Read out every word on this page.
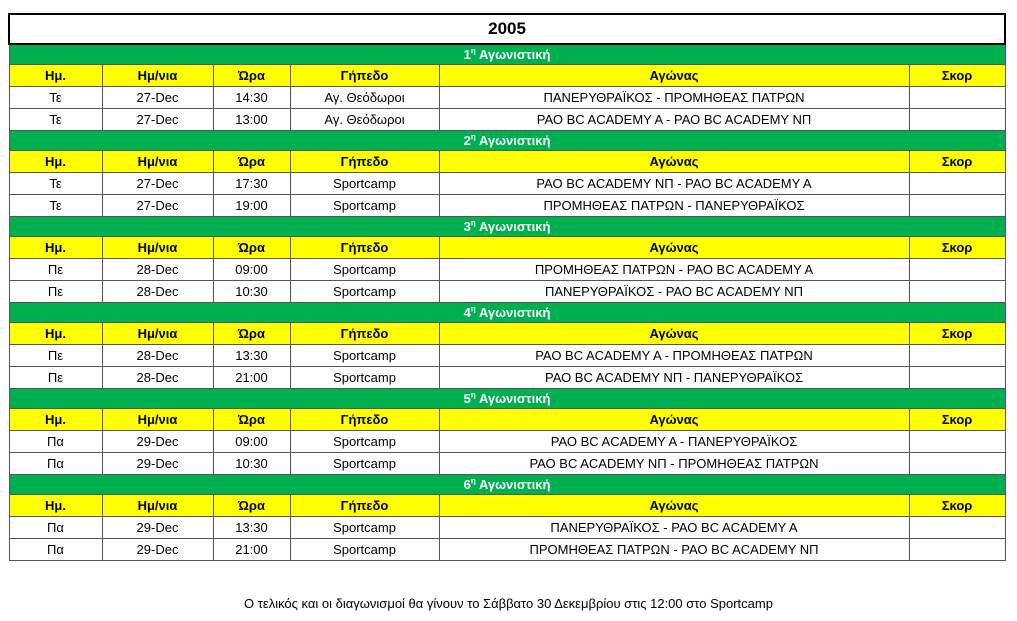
2005					
$1^\eta$ Αγωνιστική					
Ημ.	Ημ/νια	Ώρα	Γήπεδο	Αγώνας	Σκορ
Τε	27-Dec	14:30	Αγ. Θεόδωροι	ΠΑΝΕΡΥΘΡΑΪΚΟΣ - ΠΡΟΜΗΘΕΑΣ ΠΑΤΡΩΝ	
Τε	27-Dec	13:00	Αγ. Θεόδωροι	ΡΑΟ BC ACADEMY A - ΡΑΟ BC ACADEMY ΝΠ	
$2^\eta$ Αγωνιστική					
Ημ.	Ημ/νια	Ώρα	Γήπεδο	Αγώνας	Σκορ
Τε	27-Dec	17:30	Sportcamp	ΡΑΟ BC ACADEMY ΝΠ - ΡΑΟ BC ACADEMY A	
Τε	27-Dec	19:00	Sportcamp	ΠΡΟΜΗΘΕΑΣ ΠΑΤΡΩΝ - ΠΑΝΕΡΥΘΡΑΪΚΟΣ	
$3^\eta$ Αγωνιστική					
Ημ.	Ημ/νια	Ώρα	Γήπεδο	Αγώνας	Σκορ
Πε	28-Dec	09:00	Sportcamp	ΠΡΟΜΗΘΕΑΣ ΠΑΤΡΩΝ - ΡΑΟ BC ACADEMY A	
Πε	28-Dec	10:30	Sportcamp	ΠΑΝΕΡΥΘΡΑΪΚΟΣ - ΡΑΟ BC ACADEMY ΝΠ	
$4^\eta$ Αγωνιστική					
Ημ.	Ημ/νια	Ώρα	Γήπεδο	Αγώνας	Σκορ
Πε	28-Dec	13:30	Sportcamp	ΡΑΟ BC ACADEMY A - ΠΡΟΜΗΘΕΑΣ ΠΑΤΡΩΝ	
Πε	28-Dec	21:00	Sportcamp	ΡΑΟ BC ACADEMY ΝΠ - ΠΑΝΕΡΥΘΡΑΪΚΟΣ	
$5^\eta$ Αγωνιστική					
Ημ.	Ημ/νια	Ώρα	Γήπεδο	Αγώνας	Σκορ
Πα	29-Dec	09:00	Sportcamp	ΡΑΟ BC ACADEMY A - ΠΑΝΕΡΥΘΡΑΪΚΟΣ	
Πα	29-Dec	10:30	Sportcamp	ΡΑΟ BC ACADEMY ΝΠ - ΠΡΟΜΗΘΕΑΣ ΠΑΤΡΩΝ	
$6^\eta$ Αγωνιστική					
Ημ.	Ημ/νια	Ώρα	Γήπεδο	Αγώνας	Σκορ
Πα	29-Dec	13:30	Sportcamp	ΠΑΝΕΡΥΘΡΑΪΚΟΣ - ΡΑΟ BC ACADEMY A	
Πα	29-Dec	21:00	Sportcamp	ΠΡΟΜΗΘΕΑΣ ΠΑΤΡΩΝ - ΡΑΟ BC ACADEMY ΝΠ	
Ο τελικός και οι διαγωνισμοί θα γίνουν το Σάββατο 30 Δεκεμβρίου στις 12:00 στο Sportcamp
